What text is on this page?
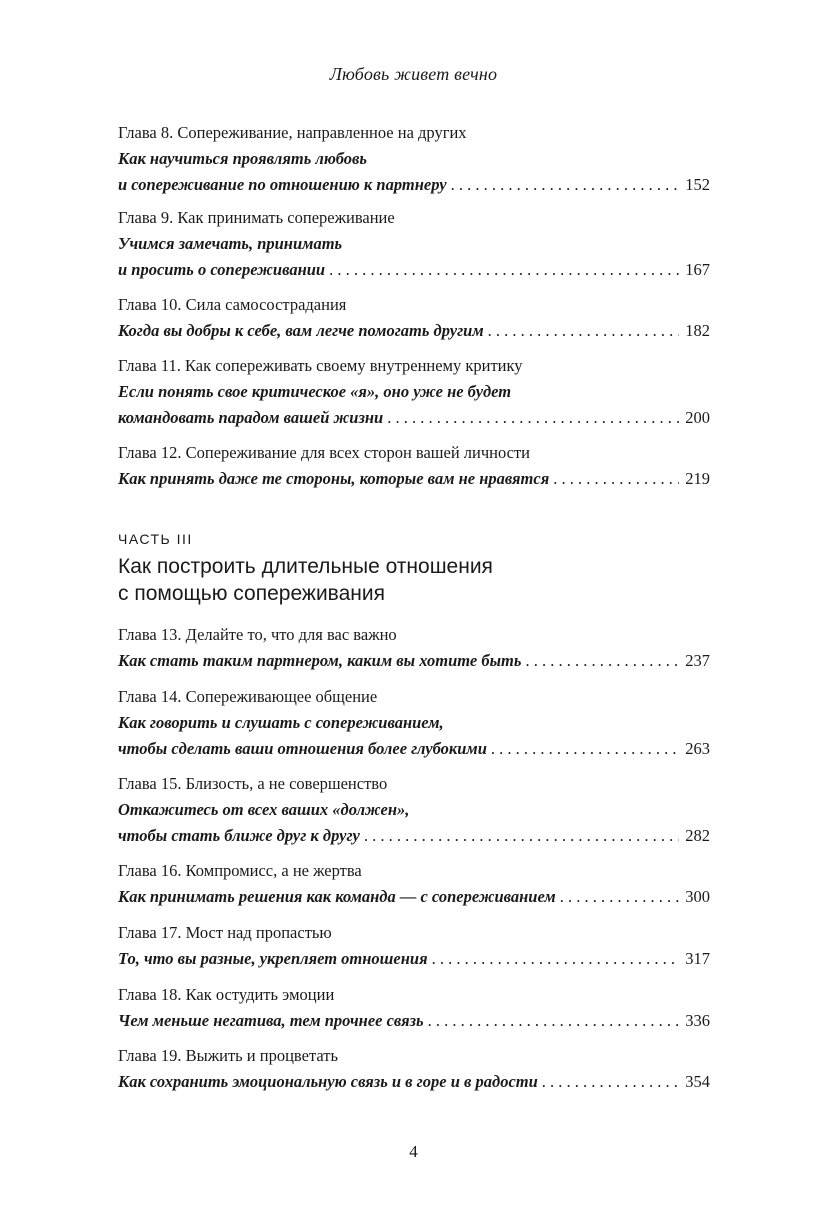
Любовь живет вечно
Глава 8. Сопереживание, направленное на других
Как научиться проявлять любовь
и сопереживание по отношению к партнеру . . .	152
Глава 9. Как принимать сопереживание
Учимся замечать, принимать
и просить о сопереживании . . .	167
Глава 10. Сила самосострадания
Когда вы добры к себе, вам легче помогать другим . . .	182
Глава 11. Как сопереживать своему внутреннему критику
Если понять свое критическое «я», оно уже не будет
командовать парадом вашей жизни . . .	200
Глава 12. Сопереживание для всех сторон вашей личности
Как принять даже те стороны, которые вам не нравятся . . .	219
Глава 13. Делайте то, что для вас важно
Как стать таким партнером, каким вы хотите быть . . .	237
Глава 14. Сопереживающее общение
Как говорить и слушать с сопереживанием,
чтобы сделать ваши отношения более глубокими . . .	263
Глава 15. Близость, а не совершенство
Откажитесь от всех ваших «должен»,
чтобы стать ближе друг к другу . . .	282
Глава 16. Компромисс, а не жертва
Как принимать решения как команда — с сопереживанием . . .	300
Глава 17. Мост над пропастью
То, что вы разные, укрепляет отношения . . .	317
Глава 18. Как остудить эмоции
Чем меньше негатива, тем прочнее связь . . .	336
Глава 19. Выжить и процветать
Как сохранить эмоциональную связь и в горе и в радости . . .	354
ЧАСТЬ III
Как построить длительные отношения
с помощью сопереживания
4
